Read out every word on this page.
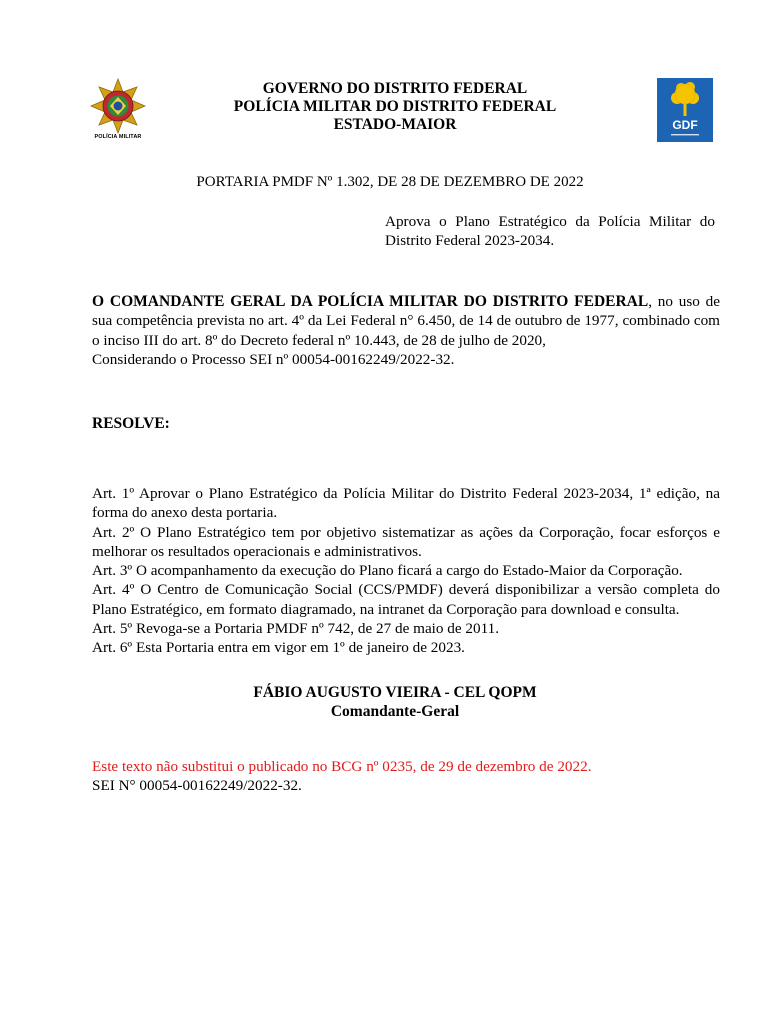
POLÍCIA MILITAR
GDF
GOVERNO DO DISTRITO FEDERAL
POLÍCIA MILITAR DO DISTRITO FEDERAL
ESTADO-MAIOR
PORTARIA PMDF Nº 1.302, DE 28 DE DEZEMBRO DE 2022
Aprova o Plano Estratégico da Polícia Militar do Distrito Federal 2023-2034.

O COMANDANTE GERAL DA POLÍCIA MILITAR DO DISTRITO FEDERAL, no uso de sua competência prevista no art. 4º da Lei Federal n° 6.450, de 14 de outubro de 1977, combinado com o inciso III do art. 8º do Decreto federal nº 10.443, de 28 de julho de 2020,

Considerando o Processo SEI nº 00054-00162249/2022-32.

RESOLVE:

Art. 1º Aprovar o Plano Estratégico da Polícia Militar do Distrito Federal 2023-2034, 1ª edição, na forma do anexo desta portaria.

Art. 2º O Plano Estratégico tem por objetivo sistematizar as ações da Corporação, focar esforços e melhorar os resultados operacionais e administrativos.

Art. 3º O acompanhamento da execução do Plano ficará a cargo do Estado-Maior da Corporação.

Art. 4º O Centro de Comunicação Social (CCS/PMDF) deverá disponibilizar a versão completa do Plano Estratégico, em formato diagramado, na intranet da Corporação para download e consulta.

Art. 5º Revoga-se a Portaria PMDF nº 742, de 27 de maio de 2011.

Art. 6º Esta Portaria entra em vigor em 1º de janeiro de 2023.

FÁBIO AUGUSTO VIEIRA - CEL QOPM
Comandante-Geral
Este texto não substitui o publicado no BCG nº 0235, de 29 de dezembro de 2022.
SEI N° 00054-00162249/2022-32.
